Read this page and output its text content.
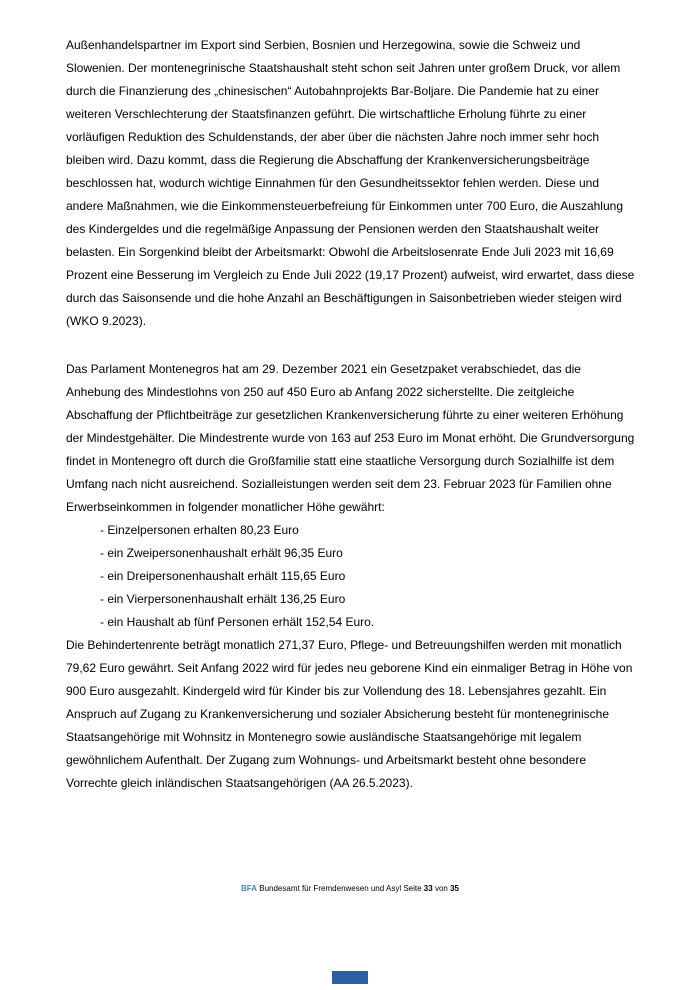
Außenhandelspartner im Export sind Serbien, Bosnien und Herzegowina, sowie die Schweiz und Slowenien. Der montenegrinische Staatshaushalt steht schon seit Jahren unter großem Druck, vor allem durch die Finanzierung des „chinesischen“ Autobahnprojekts Bar-Boljare. Die Pandemie hat zu einer weiteren Verschlechterung der Staatsfinanzen geführt. Die wirtschaftliche Erholung führte zu einer vorläufigen Reduktion des Schuldenstands, der aber über die nächsten Jahre noch immer sehr hoch bleiben wird. Dazu kommt, dass die Regierung die Abschaffung der Krankenversicherungsbeiträge beschlossen hat, wodurch wichtige Einnahmen für den Gesundheitssektor fehlen werden. Diese und andere Maßnahmen, wie die Einkommensteuerbefreiung für Einkommen unter 700 Euro, die Auszahlung des Kindergeldes und die regelmäßige Anpassung der Pensionen werden den Staatshaushalt weiter belasten. Ein Sorgenkind bleibt der Arbeitsmarkt: Obwohl die Arbeitslosenrate Ende Juli 2023 mit 16,69 Prozent eine Besserung im Vergleich zu Ende Juli 2022 (19,17 Prozent) aufweist, wird erwartet, dass diese durch das Saisonsende und die hohe Anzahl an Beschäftigungen in Saisonbetrieben wieder steigen wird (WKO 9.2023).

Das Parlament Montenegros hat am 29. Dezember 2021 ein Gesetzpaket verabschiedet, das die Anhebung des Mindestlohns von 250 auf 450 Euro ab Anfang 2022 sicherstellte. Die zeitgleiche Abschaffung der Pflichtbeiträge zur gesetzlichen Krankenversicherung führte zu einer weiteren Erhöhung der Mindestgehälter. Die Mindestrente wurde von 163 auf 253 Euro im Monat erhöht. Die Grundversorgung findet in Montenegro oft durch die Großfamilie statt eine staatliche Versorgung durch Sozialhilfe ist dem Umfang nach nicht ausreichend. Sozialleistungen werden seit dem 23. Februar 2023 für Familien ohne Erwerbseinkommen in folgender monatlicher Höhe gewährt:

- Einzelpersonen erhalten 80,23 Euro
- ein Zweipersonenhaushalt erhält 96,35 Euro
- ein Dreipersonenhaushalt erhält 115,65 Euro
- ein Vierpersonenhaushalt erhält 136,25 Euro
- ein Haushalt ab fünf Personen erhält 152,54 Euro.

Die Behindertenrente beträgt monatlich 271,37 Euro, Pflege- und Betreuungshilfen werden mit monatlich 79,62 Euro gewährt. Seit Anfang 2022 wird für jedes neu geborene Kind ein einmaliger Betrag in Höhe von 900 Euro ausgezahlt. Kindergeld wird für Kinder bis zur Vollendung des 18. Lebensjahres gezahlt. Ein Anspruch auf Zugang zu Krankenversicherung und sozialer Absicherung besteht für montenegrinische Staatsangehörige mit Wohnsitz in Montenegro sowie ausländische Staatsangehörige mit legalem gewöhnlichem Aufenthalt. Der Zugang zum Wohnungs- und Arbeitsmarkt besteht ohne besondere Vorrechte gleich inländischen Staatsangehörigen (AA 26.5.2023).

BFA Bundesamt für Fremdenwesen und Asyl Seite 33 von 35
